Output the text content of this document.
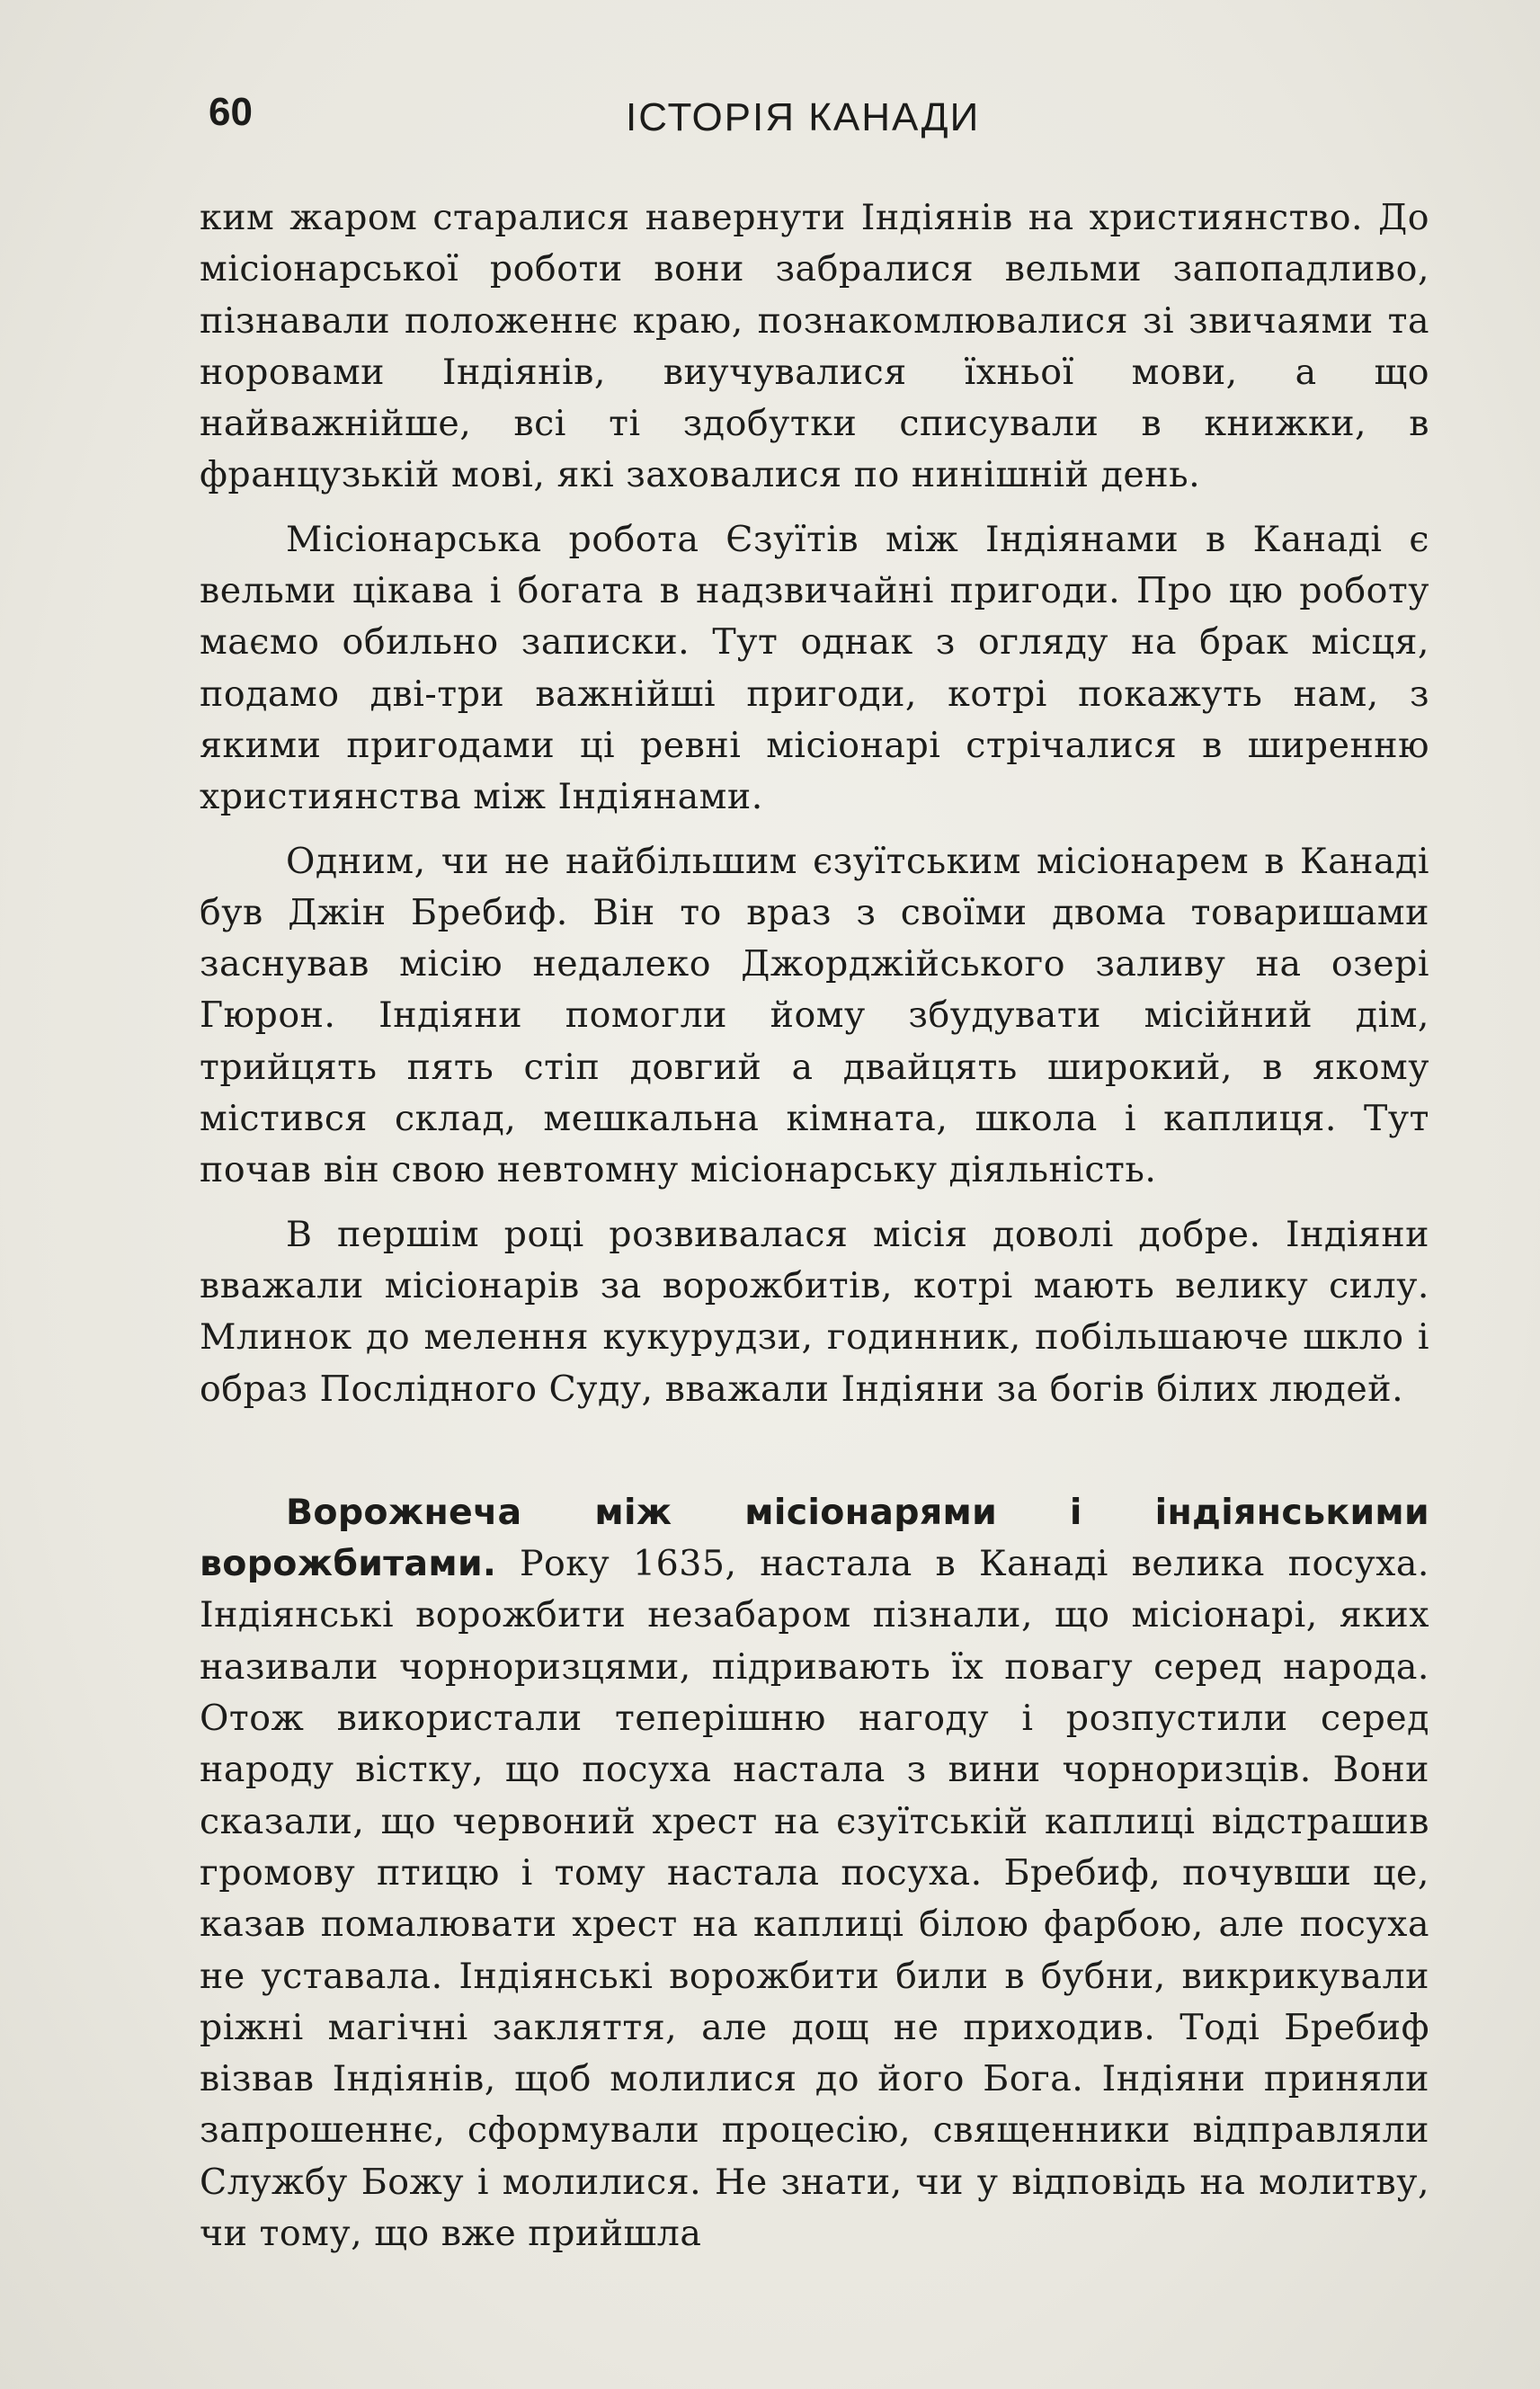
60	ІСТОРІЯ КАНАДИ

ким жаром старалися навернути Індіянів на християнство. До місіонарської роботи вони забралися вельми запопадливо, пізнавали положеннє краю, познакомлювалися зі звичаями та норовами Індіянів, виучувалися їхньої мови, а що найважнійше, всі ті здобутки списували в книжки, в французькій мові, які заховалися по нинішній день.

Місіонарська робота Єзуїтів між Індіянами в Канаді є вельми цікава і богата в надзвичайні пригоди. Про цю роботу маємо обильно записки. Тут однак з огляду на брак місця, подамо дві-три важнійші пригоди, котрі покажуть нам, з якими пригодами ці ревні місіонарі стрічалися в ширенню християнства між Індіянами.

Одним, чи не найбільшим єзуїтським місіонарем в Канаді був Джін Бребиф. Він то враз з своїми двома товаришами заснував місію недалеко Джорджійського заливу на озері Гюрон. Індіяни помогли йому збудувати місійний дім, трийцять пять стіп довгий а двайцять широкий, в якому містився склад, мешкальна кімната, школа і каплиця. Тут почав він свою невтомну місіонарську діяльність.

В першім році розвивалася місія доволі добре. Індіяни вважали місіонарів за ворожбитів, котрі мають велику силу. Млинок до мелення кукурудзи, годинник, побільшаюче шкло і образ Послідного Суду, вважали Індіяни за богів білих людей.

Ворожнеча між місіонарями і індіянськими ворожбитами. Року 1635, настала в Канаді велика посуха. Індіянські ворожбити незабаром пізнали, що місіонарі, яких називали чорноризцями, підривають їх повагу серед народа. Отож використали теперішню нагоду і розпустили серед народу вістку, що посуха настала з вини чорноризців. Вони сказали, що червоний хрест на єзуїтській каплиці відстрашив громову птицю і тому настала посуха. Бребиф, почувши це, казав помалювати хрест на каплиці білою фарбою, але посуха не уставала. Індіянські ворожбити били в бубни, викрикували ріжні магічні закляття, але дощ не приходив. Тоді Бребиф візвав Індіянів, щоб молилися до його Бога. Індіяни приняли запрошеннє, сформували процесію, священники відправляли Службу Божу і молилися. Не знати, чи у відповідь на молитву, чи тому, що вже прийшла
